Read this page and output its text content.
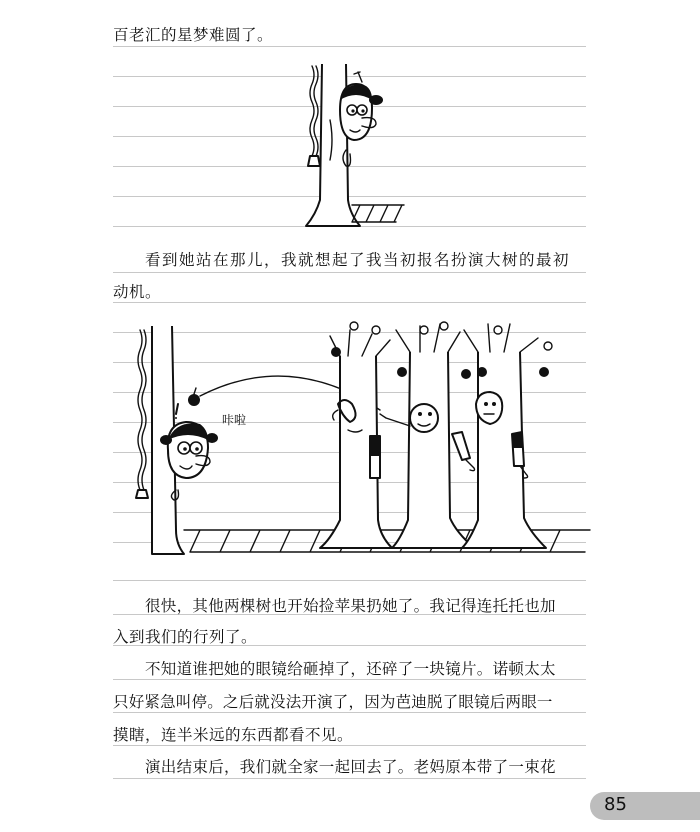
百老汇的星梦难圆了。
看到她站在那儿，我就想起了我当初报名扮演大树的最初
动机。
很快，其他两棵树也开始捡苹果扔她了。我记得连托托也加
入到我们的行列了。
不知道谁把她的眼镜给砸掉了，还碎了一块镜片。诺顿太太
只好紧急叫停。之后就没法开演了，因为芭迪脱了眼镜后两眼一
摸瞎，连半米远的东西都看不见。
演出结束后，我们就全家一起回去了。老妈原本带了一束花
咔啦
85
